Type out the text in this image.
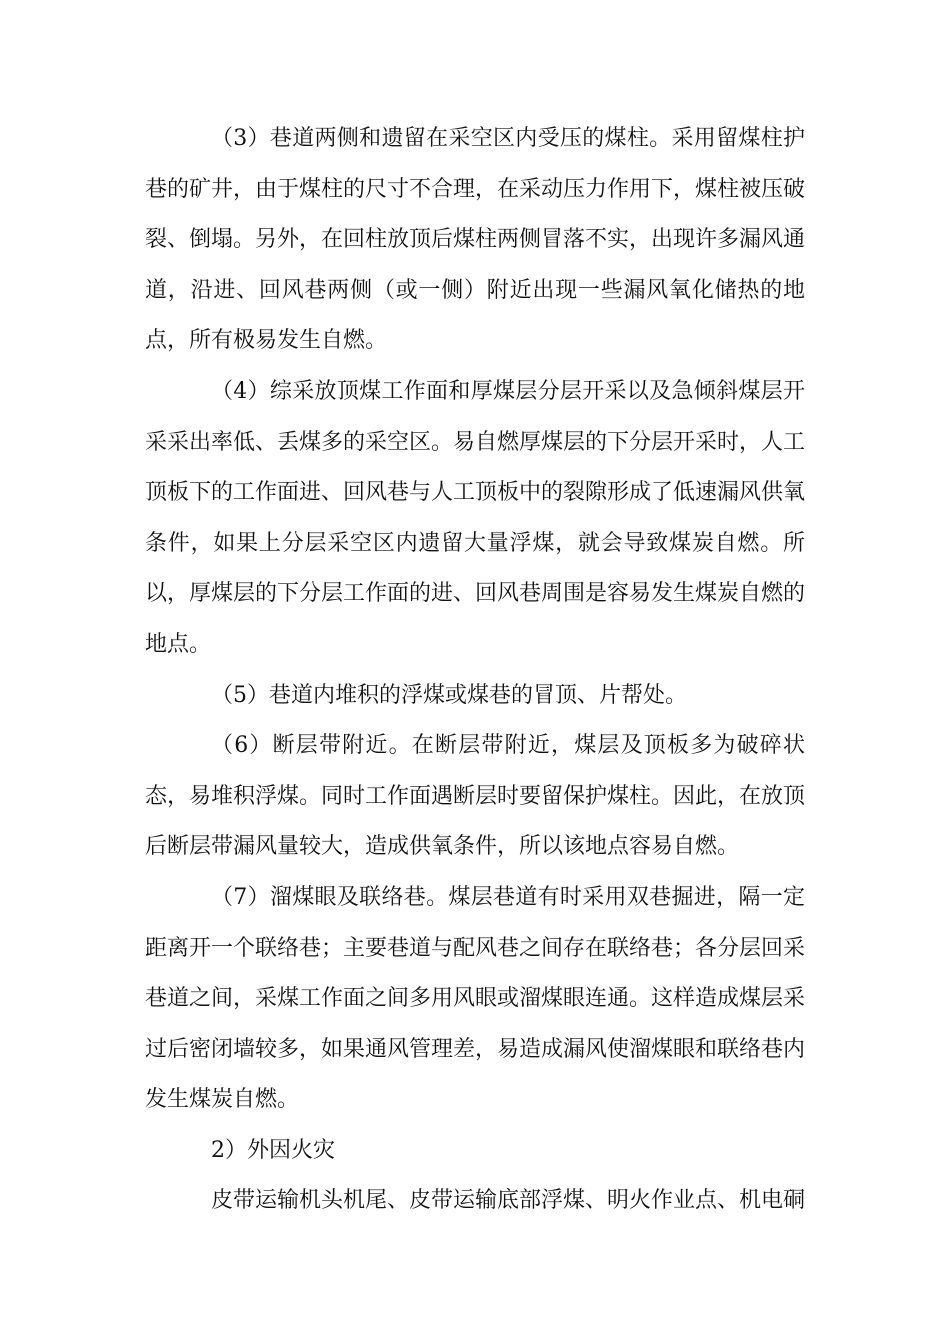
（3）巷道两侧和遗留在采空区内受压的煤柱。采用留煤柱护巷的矿井，由于煤柱的尺寸不合理，在采动压力作用下，煤柱被压破裂、倒塌。另外，在回柱放顶后煤柱两侧冒落不实，出现许多漏风通道，沿进、回风巷两侧（或一侧）附近出现一些漏风氧化储热的地点，所有极易发生自燃。

（4）综采放顶煤工作面和厚煤层分层开采以及急倾斜煤层开采采出率低、丢煤多的采空区。易自燃厚煤层的下分层开采时，人工顶板下的工作面进、回风巷与人工顶板中的裂隙形成了低速漏风供氧条件，如果上分层采空区内遗留大量浮煤，就会导致煤炭自燃。所以，厚煤层的下分层工作面的进、回风巷周围是容易发生煤炭自燃的地点。

（5）巷道内堆积的浮煤或煤巷的冒顶、片帮处。

（6）断层带附近。在断层带附近，煤层及顶板多为破碎状态，易堆积浮煤。同时工作面遇断层时要留保护煤柱。因此，在放顶后断层带漏风量较大，造成供氧条件，所以该地点容易自燃。

（7）溜煤眼及联络巷。煤层巷道有时采用双巷掘进，隔一定距离开一个联络巷；主要巷道与配风巷之间存在联络巷；各分层回采巷道之间，采煤工作面之间多用风眼或溜煤眼连通。这样造成煤层采过后密闭墙较多，如果通风管理差，易造成漏风使溜煤眼和联络巷内发生煤炭自燃。

2）外因火灾

皮带运输机头机尾、皮带运输底部浮煤、明火作业点、机电硐
